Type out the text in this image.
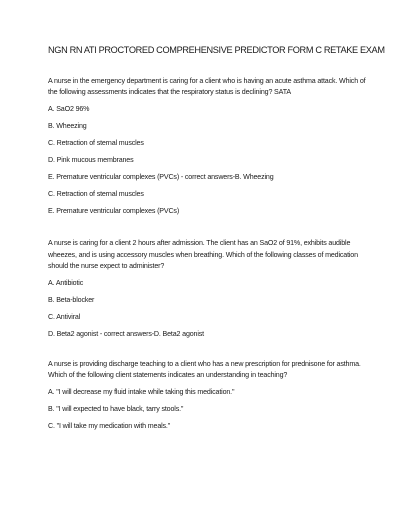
NGN RN ATI PROCTORED COMPREHENSIVE PREDICTOR FORM C RETAKE EXAM

A nurse in the emergency department is caring for a client who is having an acute asthma attack. Which of the following assessments indicates that the respiratory status is declining? SATA

A. SaO2 96%

B. Wheezing

C. Retraction of sternal muscles

D. Pink mucous membranes

E. Premature ventricular complexes (PVCs) - correct answers-B. Wheezing

C. Retraction of sternal muscles

E. Premature ventricular complexes (PVCs)

A nurse is caring for a client 2 hours after admission. The client has an SaO2 of 91%, exhibits audible wheezes, and is using accessory muscles when breathing. Which of the following classes of medication should the nurse expect to administer?

A. Antibiotic

B. Beta-blocker

C. Antiviral

D. Beta2 agonist - correct answers-D. Beta2 agonist

A nurse is providing discharge teaching to a client who has a new prescription for prednisone for asthma. Which of the following client statements indicates an understanding in teaching?

A. "I will decrease my fluid intake while taking this medication."

B. "I will expected to have black, tarry stools."

C. "I will take my medication with meals."
